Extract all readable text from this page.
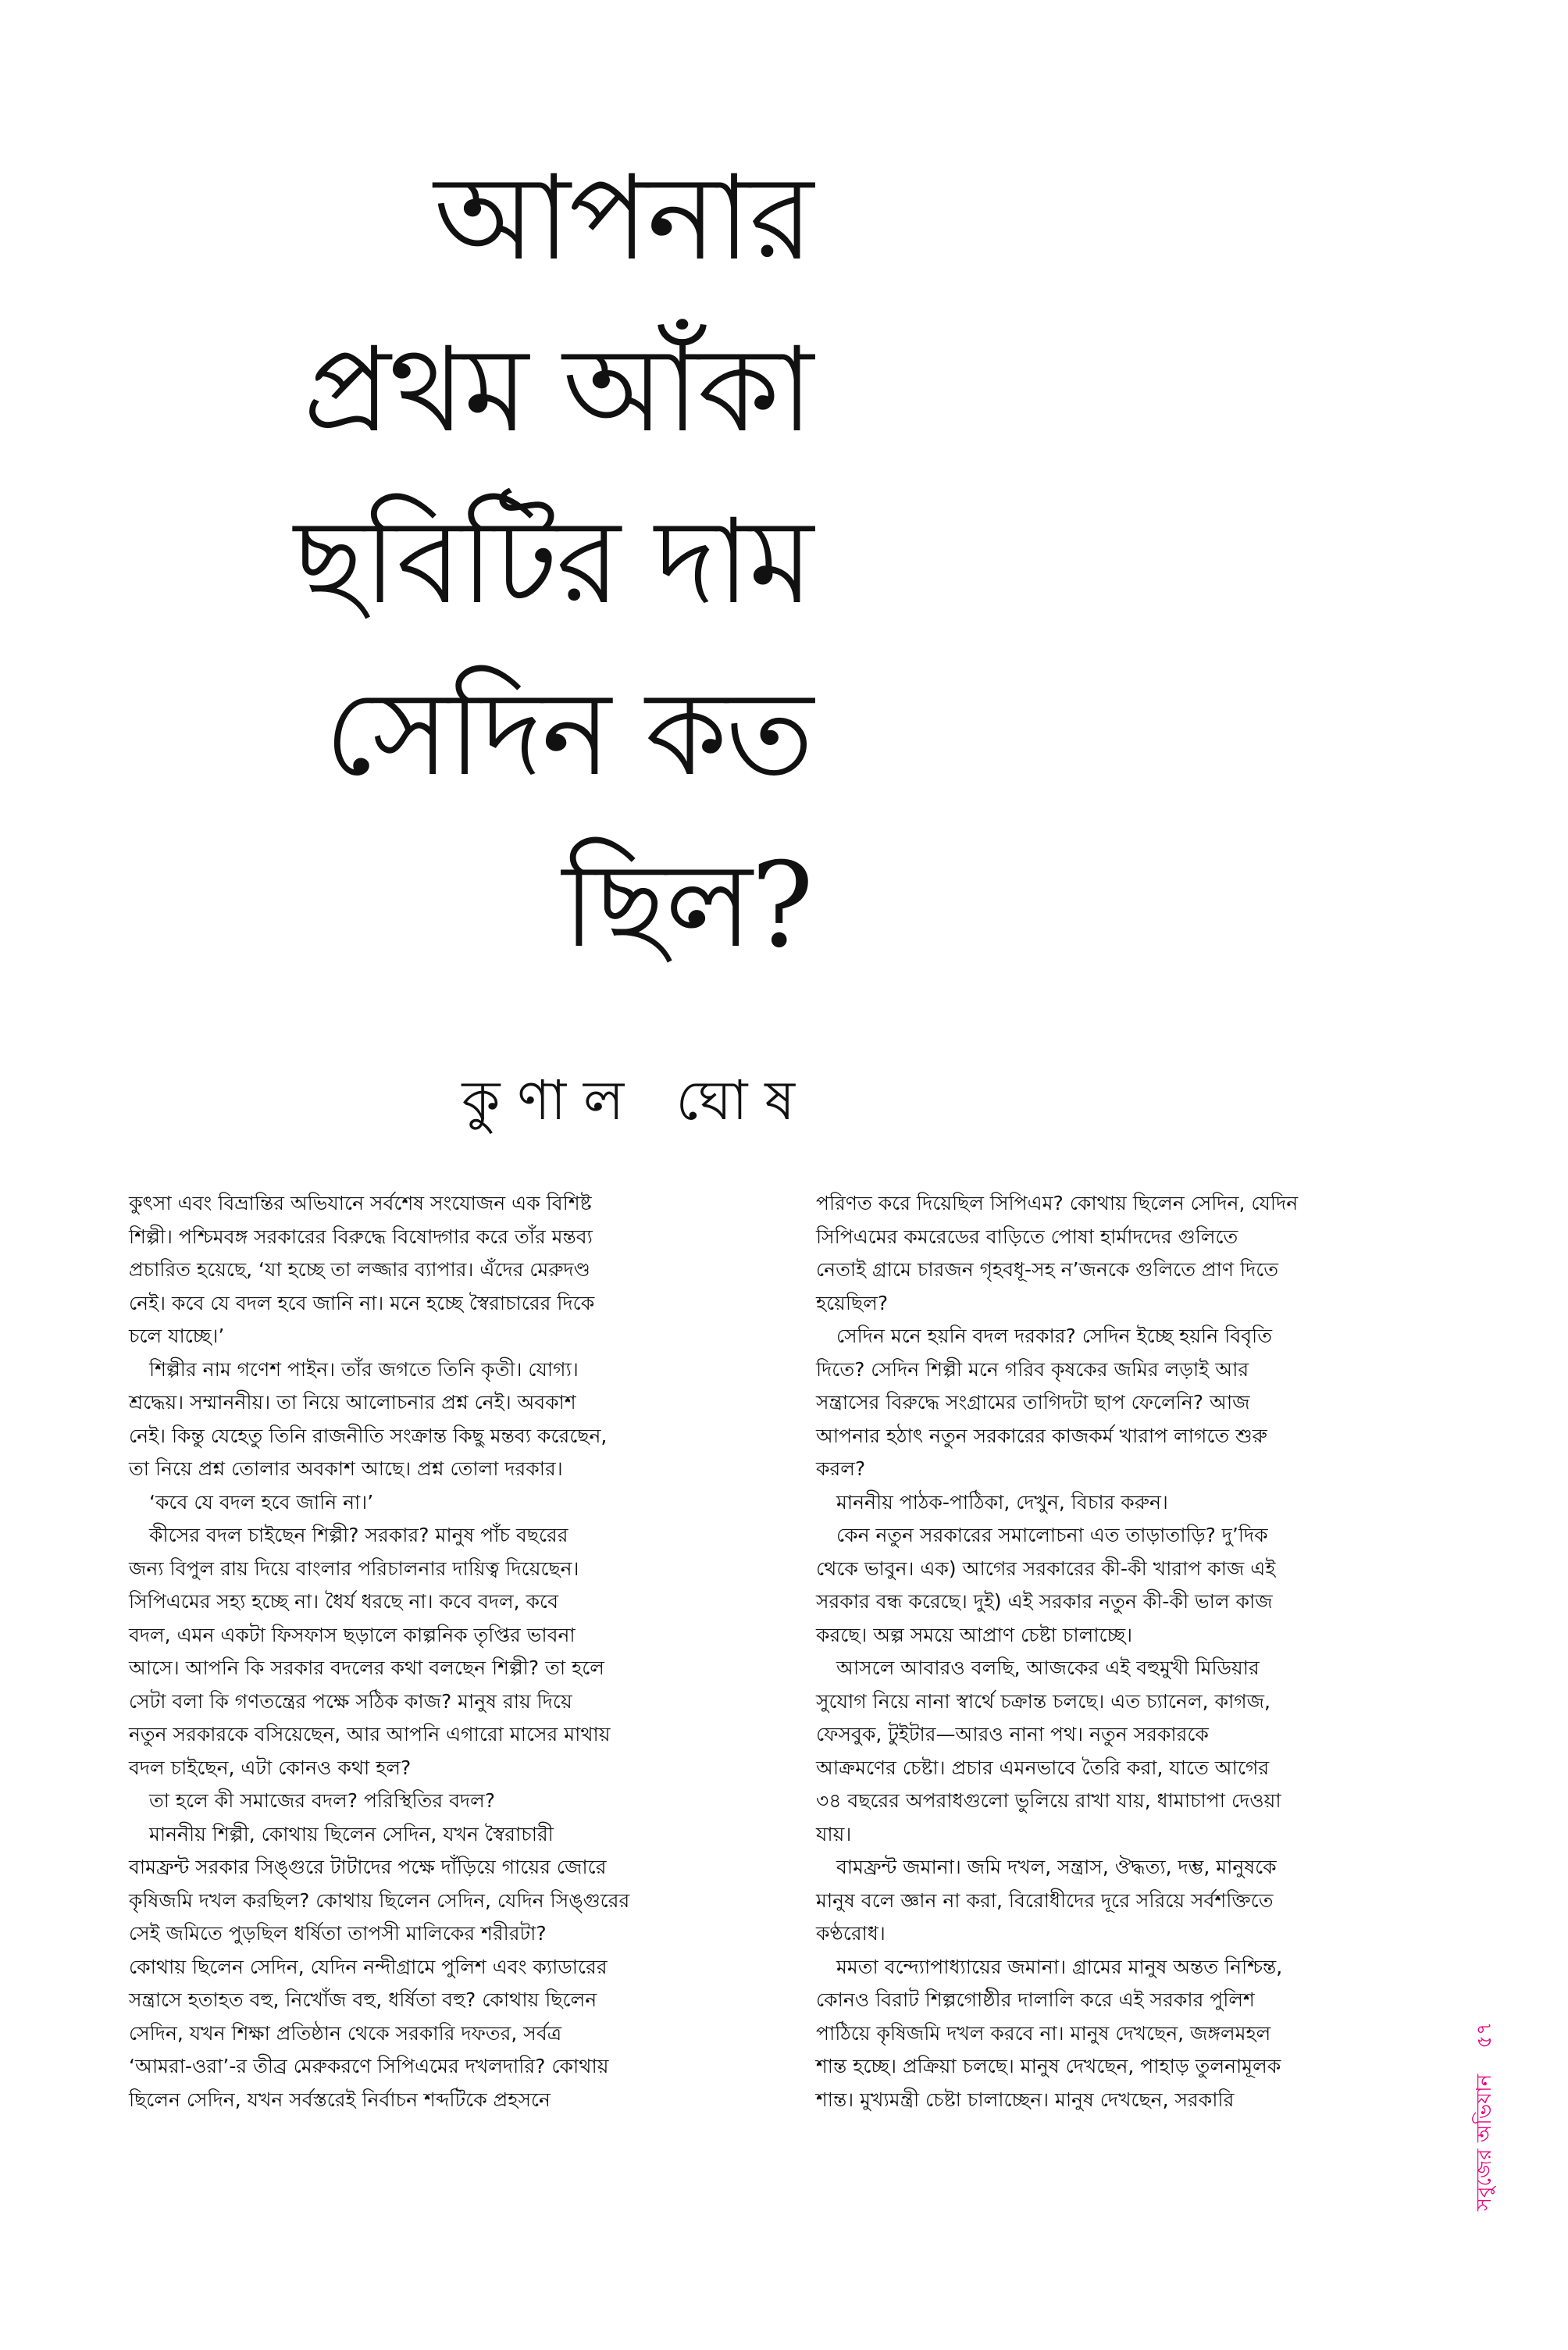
আপনার
প্রথম আঁকা
ছবিটির দাম
সেদিন কত
ছিল?
কুণাল ঘোষ
কুৎসা এবং বিভ্রান্তির অভিযানে সর্বশেষ সংযোজন এক বিশিষ্ট
শিল্পী। পশ্চিমবঙ্গ সরকারের বিরুদ্ধে বিষোদ্গার করে তাঁর মন্তব্য
প্রচারিত হয়েছে, ‘যা হচ্ছে তা লজ্জার ব্যাপার। এঁদের মেরুদণ্ড
নেই। কবে যে বদল হবে জানি না। মনে হচ্ছে স্বৈরাচারের দিকে
চলে যাচ্ছে।’
শিল্পীর নাম গণেশ পাইন। তাঁর জগতে তিনি কৃতী। যোগ্য।
শ্রদ্ধেয়। সম্মাননীয়। তা নিয়ে আলোচনার প্রশ্ন নেই। অবকাশ
নেই। কিন্তু যেহেতু তিনি রাজনীতি সংক্রান্ত কিছু মন্তব্য করেছেন,
তা নিয়ে প্রশ্ন তোলার অবকাশ আছে। প্রশ্ন তোলা দরকার।
‘কবে যে বদল হবে জানি না।’
কীসের বদল চাইছেন শিল্পী? সরকার? মানুষ পাঁচ বছরের
জন্য বিপুল রায় দিয়ে বাংলার পরিচালনার দায়িত্ব দিয়েছেন।
সিপিএমের সহ্য হচ্ছে না। ধৈর্য ধরছে না। কবে বদল, কবে
বদল, এমন একটা ফিসফাস ছড়ালে কাল্পনিক তৃপ্তির ভাবনা
আসে। আপনি কি সরকার বদলের কথা বলছেন শিল্পী? তা হলে
সেটা বলা কি গণতন্ত্রের পক্ষে সঠিক কাজ? মানুষ রায় দিয়ে
নতুন সরকারকে বসিয়েছেন, আর আপনি এগারো মাসের মাথায়
বদল চাইছেন, এটা কোনও কথা হল?
তা হলে কী সমাজের বদল? পরিস্থিতির বদল?
মাননীয় শিল্পী, কোথায় ছিলেন সেদিন, যখন স্বৈরাচারী
বামফ্রন্ট সরকার সিঙ্গুরে টাটাদের পক্ষে দাঁড়িয়ে গায়ের জোরে
কৃষিজমি দখল করছিল? কোথায় ছিলেন সেদিন, যেদিন সিঙ্গুরের
সেই জমিতে পুড়ছিল ধর্ষিতা তাপসী মালিকের শরীরটা?
কোথায় ছিলেন সেদিন, যেদিন নন্দীগ্রামে পুলিশ এবং ক্যাডারের
সন্ত্রাসে হতাহত বহু, নিখোঁজ বহু, ধর্ষিতা বহু? কোথায় ছিলেন
সেদিন, যখন শিক্ষা প্রতিষ্ঠান থেকে সরকারি দফতর, সর্বত্র
‘আমরা-ওরা’-র তীব্র মেরুকরণে সিপিএমের দখলদারি? কোথায়
ছিলেন সেদিন, যখন সর্বস্তরেই নির্বাচন শব্দটিকে প্রহসনে
পরিণত করে দিয়েছিল সিপিএম? কোথায় ছিলেন সেদিন, যেদিন
সিপিএমের কমরেডের বাড়িতে পোষা হার্মাদদের গুলিতে
নেতাই গ্রামে চারজন গৃহবধূ-সহ ন’জনকে গুলিতে প্রাণ দিতে
হয়েছিল?
সেদিন মনে হয়নি বদল দরকার? সেদিন ইচ্ছে হয়নি বিবৃতি
দিতে? সেদিন শিল্পী মনে গরিব কৃষকের জমির লড়াই আর
সন্ত্রাসের বিরুদ্ধে সংগ্রামের তাগিদটা ছাপ ফেলেনি? আজ
আপনার হঠাৎ নতুন সরকারের কাজকর্ম খারাপ লাগতে শুরু
করল?
মাননীয় পাঠক-পাঠিকা, দেখুন, বিচার করুন।
কেন নতুন সরকারের সমালোচনা এত তাড়াতাড়ি? দু’দিক
থেকে ভাবুন। এক) আগের সরকারের কী-কী খারাপ কাজ এই
সরকার বন্ধ করেছে। দুই) এই সরকার নতুন কী-কী ভাল কাজ
করছে। অল্প সময়ে আপ্রাণ চেষ্টা চালাচ্ছে।
আসলে আবারও বলছি, আজকের এই বহুমুখী মিডিয়ার
সুযোগ নিয়ে নানা স্বার্থে চক্রান্ত চলছে। এত চ্যানেল, কাগজ,
ফেসবুক, টুইটার—আরও নানা পথ। নতুন সরকারকে
আক্রমণের চেষ্টা। প্রচার এমনভাবে তৈরি করা, যাতে আগের
৩৪ বছরের অপরাধগুলো ভুলিয়ে রাখা যায়, ধামাচাপা দেওয়া
যায়।
বামফ্রন্ট জমানা। জমি দখল, সন্ত্রাস, ঔদ্ধত্য, দম্ভ, মানুষকে
মানুষ বলে জ্ঞান না করা, বিরোধীদের দূরে সরিয়ে সর্বশক্তিতে
কণ্ঠরোধ।
মমতা বন্দ্যোপাধ্যায়ের জমানা। গ্রামের মানুষ অন্তত নিশ্চিন্ত,
কোনও বিরাট শিল্পগোষ্ঠীর দালালি করে এই সরকার পুলিশ
পাঠিয়ে কৃষিজমি দখল করবে না। মানুষ দেখছেন, জঙ্গলমহল
শান্ত হচ্ছে। প্রক্রিয়া চলছে। মানুষ দেখছেন, পাহাড় তুলনামূলক
শান্ত। মুখ্যমন্ত্রী চেষ্টা চালাচ্ছেন। মানুষ দেখছেন, সরকারি	সবুজের অভিযান    ৫৭
